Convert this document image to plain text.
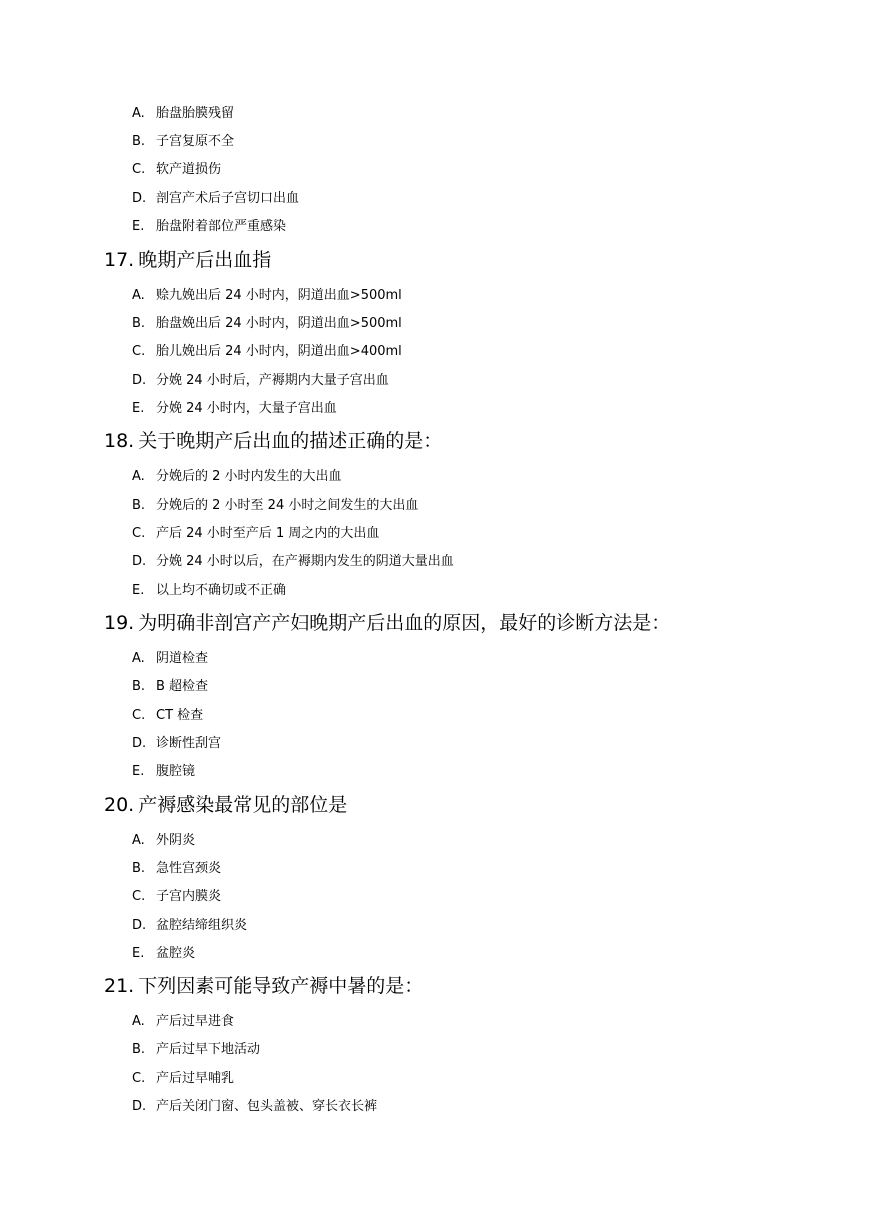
A. 胎盘胎膜残留
B. 子宫复原不全
C. 软产道损伤
D. 剖宫产术后子宫切口出血
E. 胎盘附着部位严重感染
17. 晚期产后出血指
A. 赊九娩出后 24 小时内，阴道出血>500ml
B. 胎盘娩出后 24 小时内，阴道出血>500ml
C. 胎儿娩出后 24 小时内，阴道出血>400ml
D. 分娩 24 小时后，产褥期内大量子宫出血
E. 分娩 24 小时内，大量子宫出血
18. 关于晚期产后出血的描述正确的是：
A. 分娩后的 2 小时内发生的大出血
B. 分娩后的 2 小时至 24 小时之间发生的大出血
C. 产后 24 小时至产后 1 周之内的大出血
D. 分娩 24 小时以后，在产褥期内发生的阴道大量出血
E. 以上均不确切或不正确
19. 为明确非剖宫产产妇晚期产后出血的原因，最好的诊断方法是：
A. 阴道检查
B. B 超检查
C. CT 检查
D. 诊断性刮宫
E. 腹腔镜
20. 产褥感染最常见的部位是
A. 外阴炎
B. 急性宫颈炎
C. 子宫内膜炎
D. 盆腔结缔组织炎
E. 盆腔炎
21. 下列因素可能导致产褥中暑的是：
A. 产后过早进食
B. 产后过早下地活动
C. 产后过早哺乳
D. 产后关闭门窗、包头盖被、穿长衣长裤
